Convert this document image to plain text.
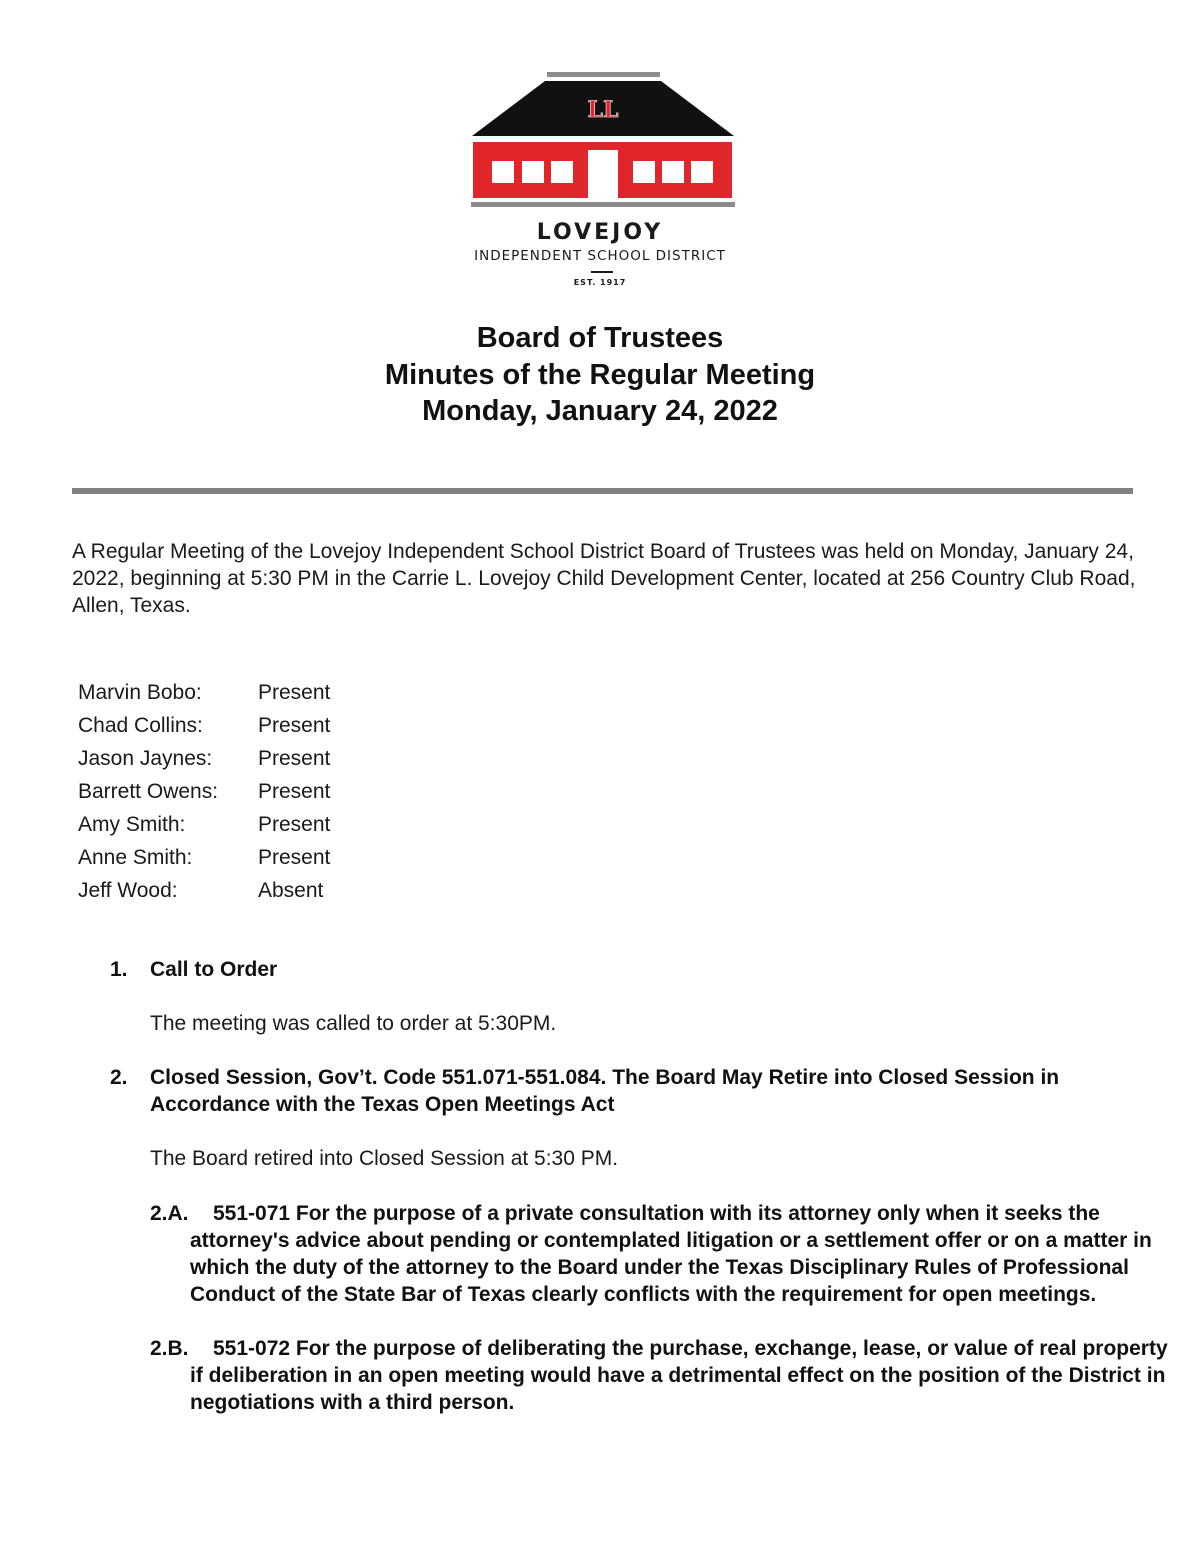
LL
LOVEJOY
INDEPENDENT SCHOOL DISTRICT
EST. 1917
Board of Trustees
Minutes of the Regular Meeting
Monday, January 24, 2022
A Regular Meeting of the Lovejoy Independent School District Board of Trustees was held on Monday, January 24, 2022, beginning at 5:30 PM in the Carrie L. Lovejoy Child Development Center, located at 256 Country Club Road, Allen, Texas.
Marvin Bobo:	Present
Chad Collins:	Present
Jason Jaynes: Present
Barrett Owens: Present
Amy Smith:	Present
Anne Smith:	Present
Jeff Wood:	Absent
1. Call to Order
The meeting was called to order at 5:30PM.
2. Closed Session, Gov’t. Code 551.071-551.084. The Board May Retire into Closed Session in Accordance with the Texas Open Meetings Act
The Board retired into Closed Session at 5:30 PM.
2.A. 551-071 For the purpose of a private consultation with its attorney only when it seeks the attorney's advice about pending or contemplated litigation or a settlement offer or on a matter in which the duty of the attorney to the Board under the Texas Disciplinary Rules of Professional Conduct of the State Bar of Texas clearly conflicts with the requirement for open meetings.
2.B. 551-072 For the purpose of deliberating the purchase, exchange, lease, or value of real property if deliberation in an open meeting would have a detrimental effect on the position of the District in negotiations with a third person.
